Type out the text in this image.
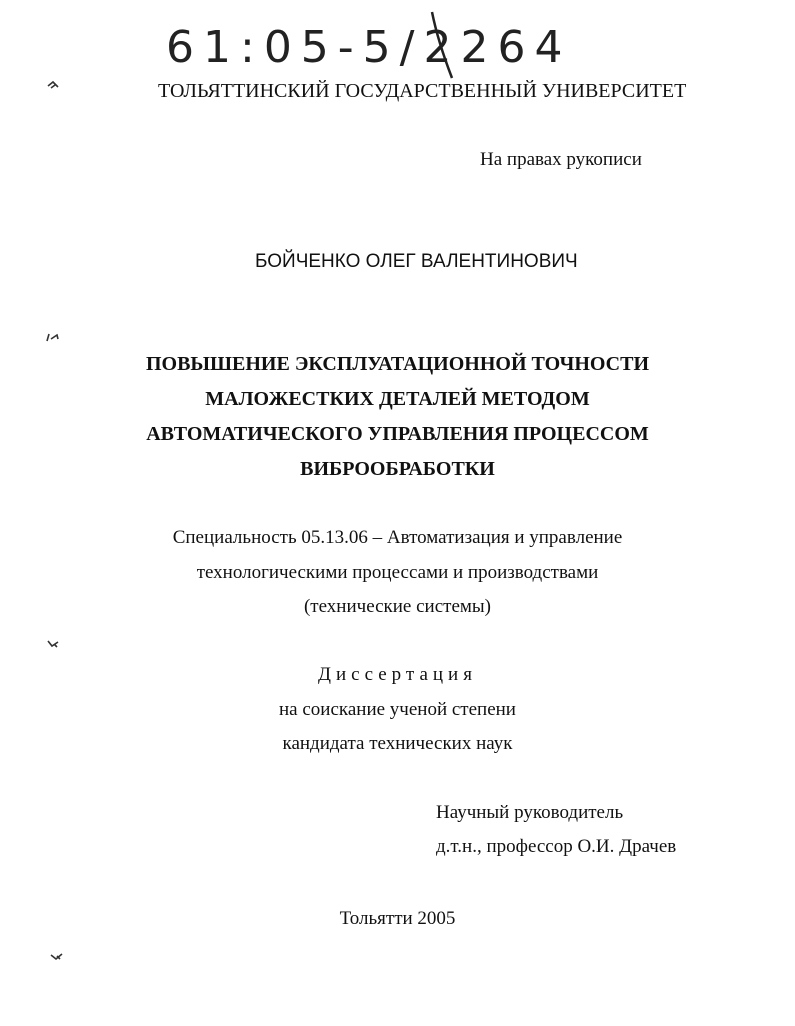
61:05-5/2264
ТОЛЬЯТТИНСКИЙ ГОСУДАРСТВЕННЫЙ УНИВЕРСИТЕТ
На правах рукописи
БОЙЧЕНКО ОЛЕГ ВАЛЕНТИНОВИЧ
ПОВЫШЕНИЕ ЭКСПЛУАТАЦИОННОЙ ТОЧНОСТИ
МАЛОЖЕСТКИХ ДЕТАЛЕЙ МЕТОДОМ
АВТОМАТИЧЕСКОГО УПРАВЛЕНИЯ ПРОЦЕССОМ
ВИБРООБРАБОТКИ
Специальность 05.13.06 – Автоматизация и управление
технологическими процессами и производствами
(технические системы)
Диссертация
на соискание ученой степени
кандидата технических наук
Научный руководитель
д.т.н., профессор О.И. Драчев
Тольятти 2005
